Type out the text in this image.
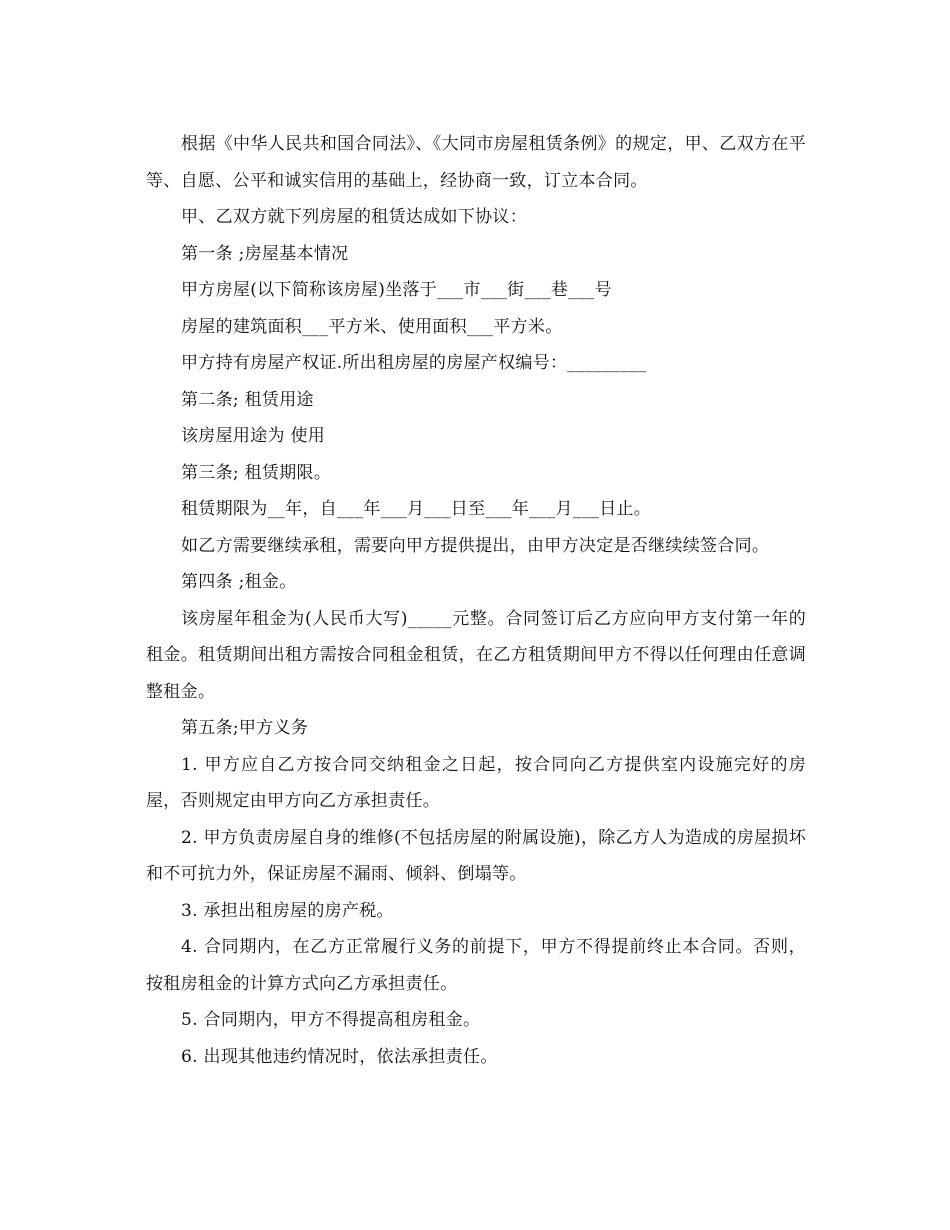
根据《中华人民共和国合同法》、《大同市房屋租赁条例》的规定，甲、乙双方在平等、自愿、公平和诚实信用的基础上，经协商一致，订立本合同。

甲、乙双方就下列房屋的租赁达成如下协议：

第一条 ;房屋基本情况

甲方房屋(以下简称该房屋)坐落于___市___街___巷___号

房屋的建筑面积___平方米、使用面积___平方米。

甲方持有房屋产权证.所出租房屋的房屋产权编号：_________

第二条; 租赁用途

该房屋用途为 使用

第三条; 租赁期限。

租赁期限为__年，自___年___月___日至___年___月___日止。

如乙方需要继续承租，需要向甲方提供提出，由甲方决定是否继续续签合同。

第四条 ;租金。

该房屋年租金为(人民币大写)_____元整。合同签订后乙方应向甲方支付第一年的租金。租赁期间出租方需按合同租金租赁，在乙方租赁期间甲方不得以任何理由任意调整租金。

第五条;甲方义务

1. 甲方应自乙方按合同交纳租金之日起，按合同向乙方提供室内设施完好的房屋，否则规定由甲方向乙方承担责任。

2. 甲方负责房屋自身的维修(不包括房屋的附属设施)，除乙方人为造成的房屋损坏和不可抗力外，保证房屋不漏雨、倾斜、倒塌等。

3. 承担出租房屋的房产税。

4. 合同期内，在乙方正常履行义务的前提下，甲方不得提前终止本合同。否则，按租房租金的计算方式向乙方承担责任。

5. 合同期内，甲方不得提高租房租金。

6. 出现其他违约情况时，依法承担责任。
